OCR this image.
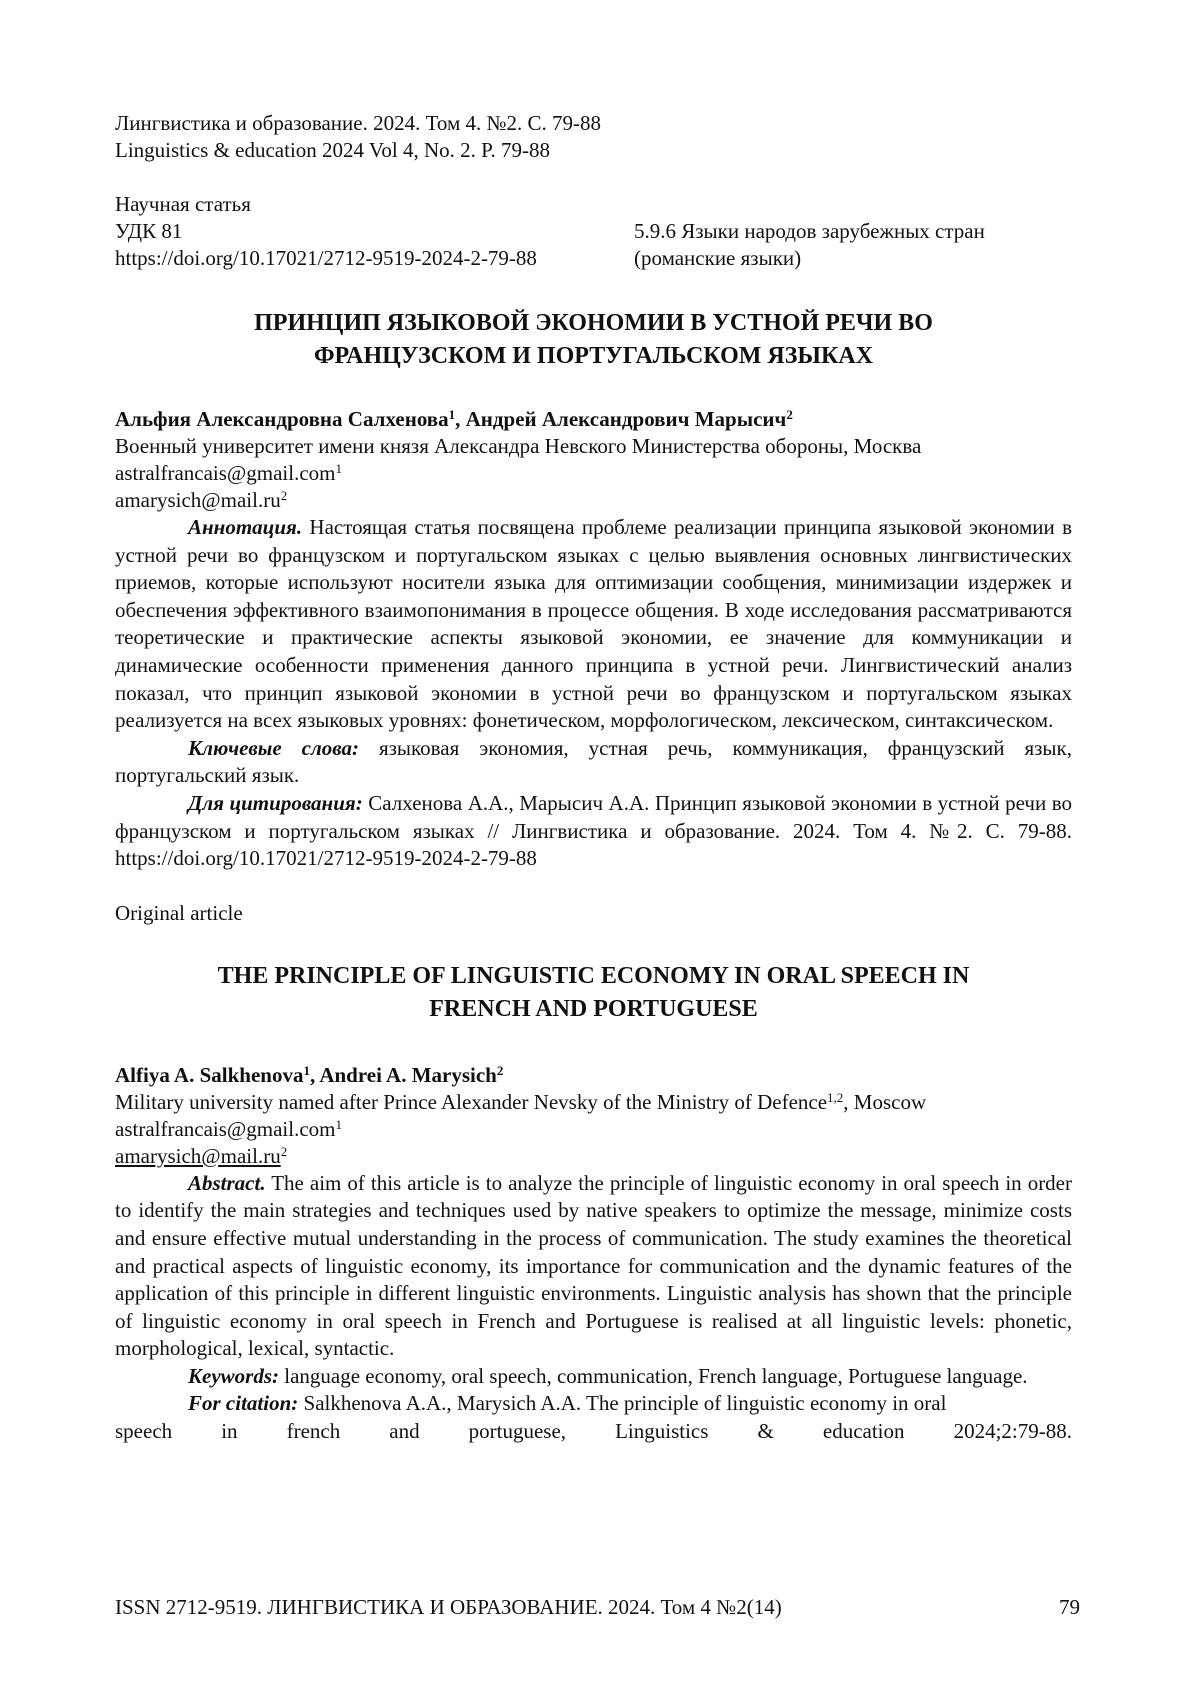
Лингвистика и образование. 2024. Том 4. №2. С. 79-88
Linguistics & education 2024 Vol 4, No. 2. P. 79-88
Научная статья
УДК 81
https://doi.org/10.17021/2712-9519-2024-2-79-88
5.9.6 Языки народов зарубежных стран
(романские языки)
ПРИНЦИП ЯЗЫКОВОЙ ЭКОНОМИИ В УСТНОЙ РЕЧИ ВО
ФРАНЦУЗСКОМ И ПОРТУГАЛЬСКОМ ЯЗЫКАХ
Альфия Александровна Салхенова$^1$, Андрей Александрович Марысич$^2$
Военный университет имени князя Александра Невского Министерства обороны, Москва
astralfrancais@gmail.com$^1$
$amarysich@mail.ru^2$

Аннотация. Настоящая статья посвящена проблеме реализации принципа языковой экономии в устной речи во французском и португальском языках с целью выявления основных лингвистических приемов, которые используют носители языка для оптимизации сообщения, минимизации издержек и обеспечения эффективного взаимопонимания в процессе общения. В ходе исследования рассматриваются теоретические и практические аспекты языковой экономии, ее значение для коммуникации и динамические особенности применения данного принципа в устной речи. Лингвистический анализ показал, что принцип языковой экономии в устной речи во французском и португальском языках реализуется на всех языковых уровнях: фонетическом, морфологическом, лексическом, синтаксическом.

Ключевые слова: языковая экономия, устная речь, коммуникация, французский язык, португальский язык.

Для цитирования: Салхенова А.А., Марысич А.А. Принцип языковой экономии в устной речи во французском и португальском языках // Лингвистика и образование. 2024. Том 4. №2. С. 79-88. https://doi.org/10.17021/2712-9519-2024-2-79-88

Original article
THE PRINCIPLE OF LINGUISTIC ECONOMY IN ORAL SPEECH IN
FRENCH AND PORTUGUESE
Alfiya A. Salkhenova$^1$, Andrei A. Marysich$^2$
Military university named after Prince Alexander Nevsky of the Ministry of Defence$^{1,2}$, Moscow
astralfrancais@gmail.com$^1$
$amarysich@mail.ru^2$

Abstract. The aim of this article is to analyze the principle of linguistic economy in oral speech in order to identify the main strategies and techniques used by native speakers to optimize the message, minimize costs and ensure effective mutual understanding in the process of communication. The study examines the theoretical and practical aspects of linguistic economy, its importance for communication and the dynamic features of the application of this principle in different linguistic environments. Linguistic analysis has shown that the principle of linguistic economy in oral speech in French and Portuguese is realised at all linguistic levels: phonetic, morphological, lexical, syntactic.

Keywords: language economy, oral speech, communication, French language, Portuguese language.

For citation: Salkhenova A.A., Marysich A.A. The principle of linguistic economy in oral

speech in french and portuguese, Linguistics & education 2024;2:79-88.
ISSN 2712-9519. ЛИНГВИСТИКА И ОБРАЗОВАНИЕ. 2024. Том 4 №2(14)	79
